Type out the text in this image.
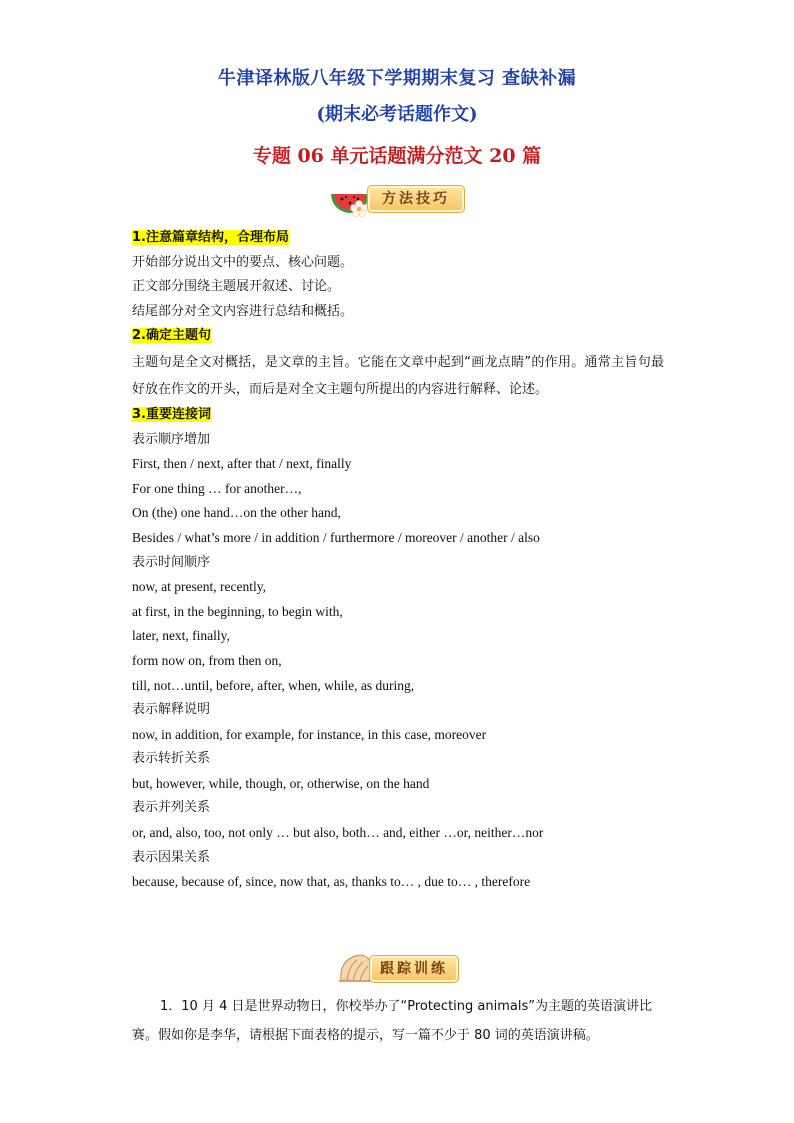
牛津译林版八年级下学期期末复习 查缺补漏
(期末必考话题作文)
专题 06 单元话题满分范文 20 篇
方法技巧

1.注意篇章结构，合理布局

开始部分说出文中的要点、核心问题。

正文部分围绕主题展开叙述、讨论。

结尾部分对全文内容进行总结和概括。

2.确定主题句

主题句是全文对概括，是文章的主旨。它能在文章中起到“画龙点睛”的作用。通常主旨句最好放在作文的开头，而后是对全文主题句所提出的内容进行解释、论述。

3.重要连接词

表示顺序增加

First, then / next, after that / next, finally

For one thing … for another…,

On (the) one hand…on the other hand,

Besides / what’s more / in addition / furthermore / moreover / another / also

表示时间顺序

now, at present, recently,

at first, in the beginning, to begin with,

later, next, finally,

form now on, from then on,

till, not…until, before, after, when, while, as during,

表示解释说明

now, in addition, for example, for instance, in this case, moreover

表示转折关系

but, however, while, though, or, otherwise, on the hand

表示并列关系

or, and, also, too, not only … but also, both… and, either …or, neither…nor

表示因果关系

because, because of, since, now that, as, thanks to… , due to… , therefore

跟踪训练
1．10 月 4 日是世界动物日，你校举办了“Protecting animals”为主题的英语演讲比赛。假如你是李华，请根据下面表格的提示，写一篇不少于 80 词的英语演讲稿。
